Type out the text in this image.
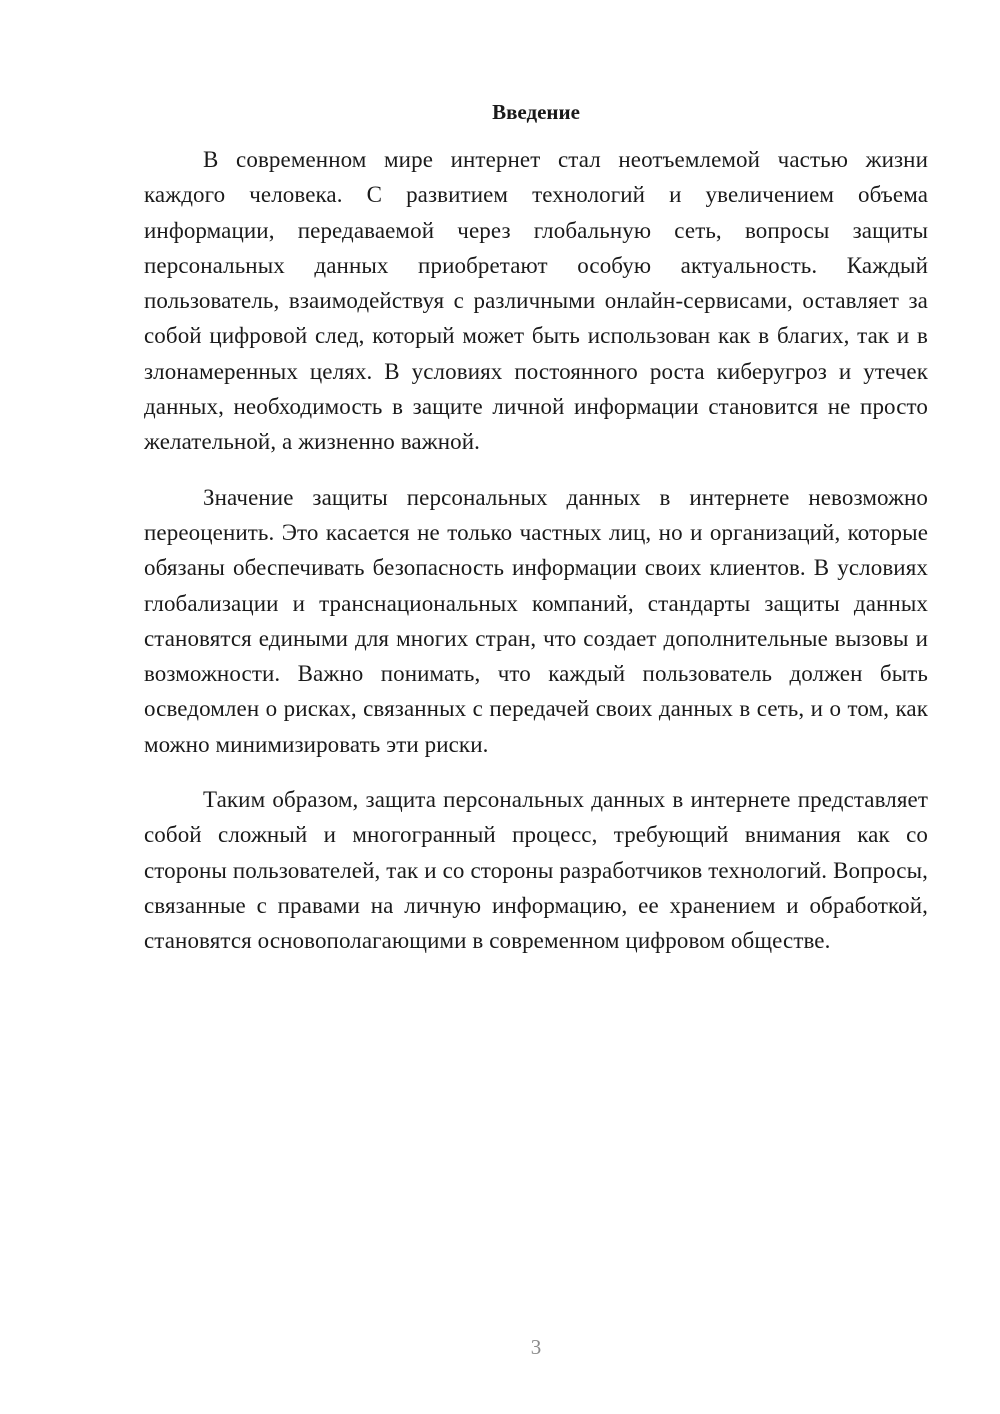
Введение

В современном мире интернет стал неотъемлемой частью жизни каждого человека. С развитием технологий и увеличением объема информации, передаваемой через глобальную сеть, вопросы защиты персональных данных приобретают особую актуальность. Каждый пользователь, взаимодействуя с различными онлайн-сервисами, оставляет за собой цифровой след, который может быть использован как в благих, так и в злонамеренных целях. В условиях постоянного роста киберугроз и утечек данных, необходимость в защите личной информации становится не просто желательной, а жизненно важной.

Значение защиты персональных данных в интернете невозможно переоценить. Это касается не только частных лиц, но и организаций, которые обязаны обеспечивать безопасность информации своих клиентов. В условиях глобализации и транснациональных компаний, стандарты защиты данных становятся едиными для многих стран, что создает дополнительные вызовы и возможности. Важно понимать, что каждый пользователь должен быть осведомлен о рисках, связанных с передачей своих данных в сеть, и о том, как можно минимизировать эти риски.

Таким образом, защита персональных данных в интернете представляет собой сложный и многогранный процесс, требующий внимания как со стороны пользователей, так и со стороны разработчиков технологий. Вопросы, связанные с правами на личную информацию, ее хранением и обработкой, становятся основополагающими в современном цифровом обществе.

3
